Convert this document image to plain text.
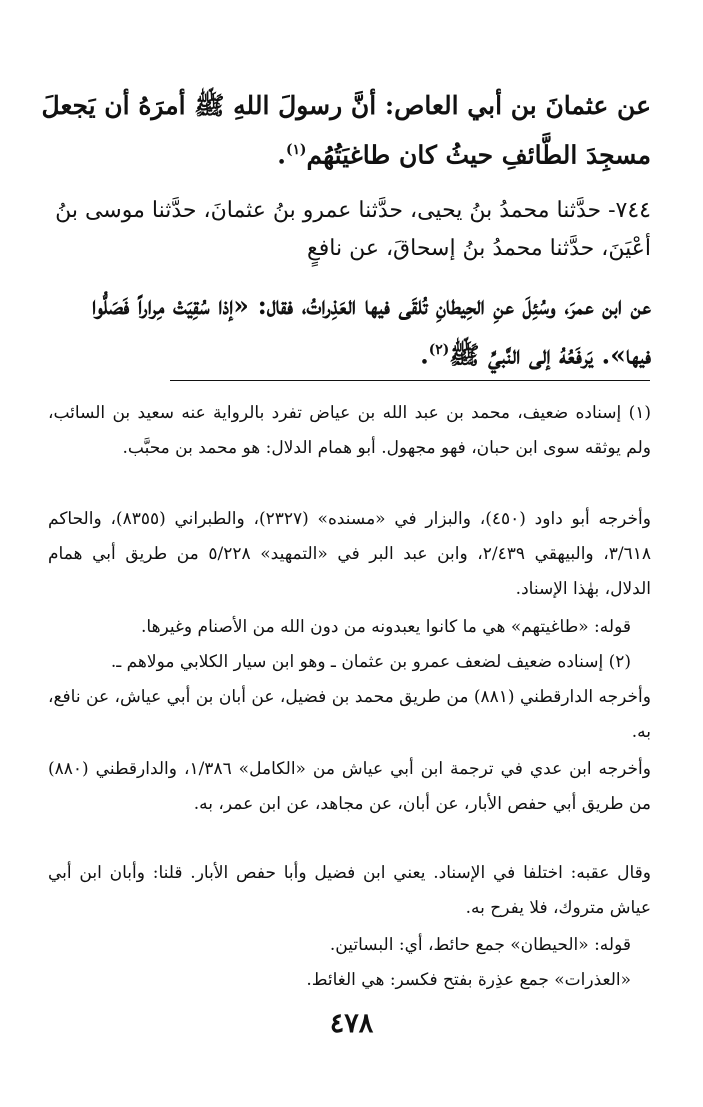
عن عثمانَ بن أبي العاص: أنَّ رسولَ اللهِ ﷺ أمرَهُ أن يَجعلَ مسجِدَ الطَّائفِ حيثُ كان طاغيَتُهُم$^{(١)}$.

٧٤٤- حدَّثنا محمدُ بنُ يحيى، حدَّثنا عمرو بنُ عثمانَ، حدَّثنا موسى بنُ أعْيَنَ، حدَّثنا محمدُ بنُ إسحاقَ، عن نافعٍ

عن ابن عمرَ، وسُئِلَ عنِ الحِيطانِ تُلقَى فيها العَذِراتُ، فقال: «إذا سُقِيَتْ مِراراً فَصَلُّوا فيها». يَرفَعُهُ إلى النَّبيِّ ﷺ$^{(٢)}$.

(١) إسناده ضعيف، محمد بن عبد الله بن عياض تفرد بالرواية عنه سعيد بن السائب، ولم يوثقه سوى ابن حبان، فهو مجهول. أبو همام الدلال: هو محمد بن محبَّب.

وأخرجه أبو داود (٤٥٠)، والبزار في «مسنده» (٢٣٢٧)، والطبراني (٨٣٥٥)، والحاكم ٣/٦١٨، والبيهقي ٢/٤٣٩، وابن عبد البر في «التمهيد» ٥/٢٢٨ من طريق أبي همام الدلال، بهٰذا الإسناد.

قوله: «طاغيتهم» هي ما كانوا يعبدونه من دون الله من الأصنام وغيرها.

(٢) إسناده ضعيف لضعف عمرو بن عثمان ـ وهو ابن سيار الكلابي مولاهم ـ.

وأخرجه الدارقطني (٨٨١) من طريق محمد بن فضيل، عن أبان بن أبي عياش، عن نافع، به.

وأخرجه ابن عدي في ترجمة ابن أبي عياش من «الكامل» ١/٣٨٦، والدارقطني (٨٨٠) من طريق أبي حفص الأبار، عن أبان، عن مجاهد، عن ابن عمر، به.

وقال عقبه: اختلفا في الإسناد. يعني ابن فضيل وأبا حفص الأبار. قلنا: وأبان ابن أبي عياش متروك، فلا يفرح به.

قوله: «الحيطان» جمع حائط، أي: البساتين.

«العذرات» جمع عذِرة بفتح فكسر: هي الغائط.

٤٧٨
